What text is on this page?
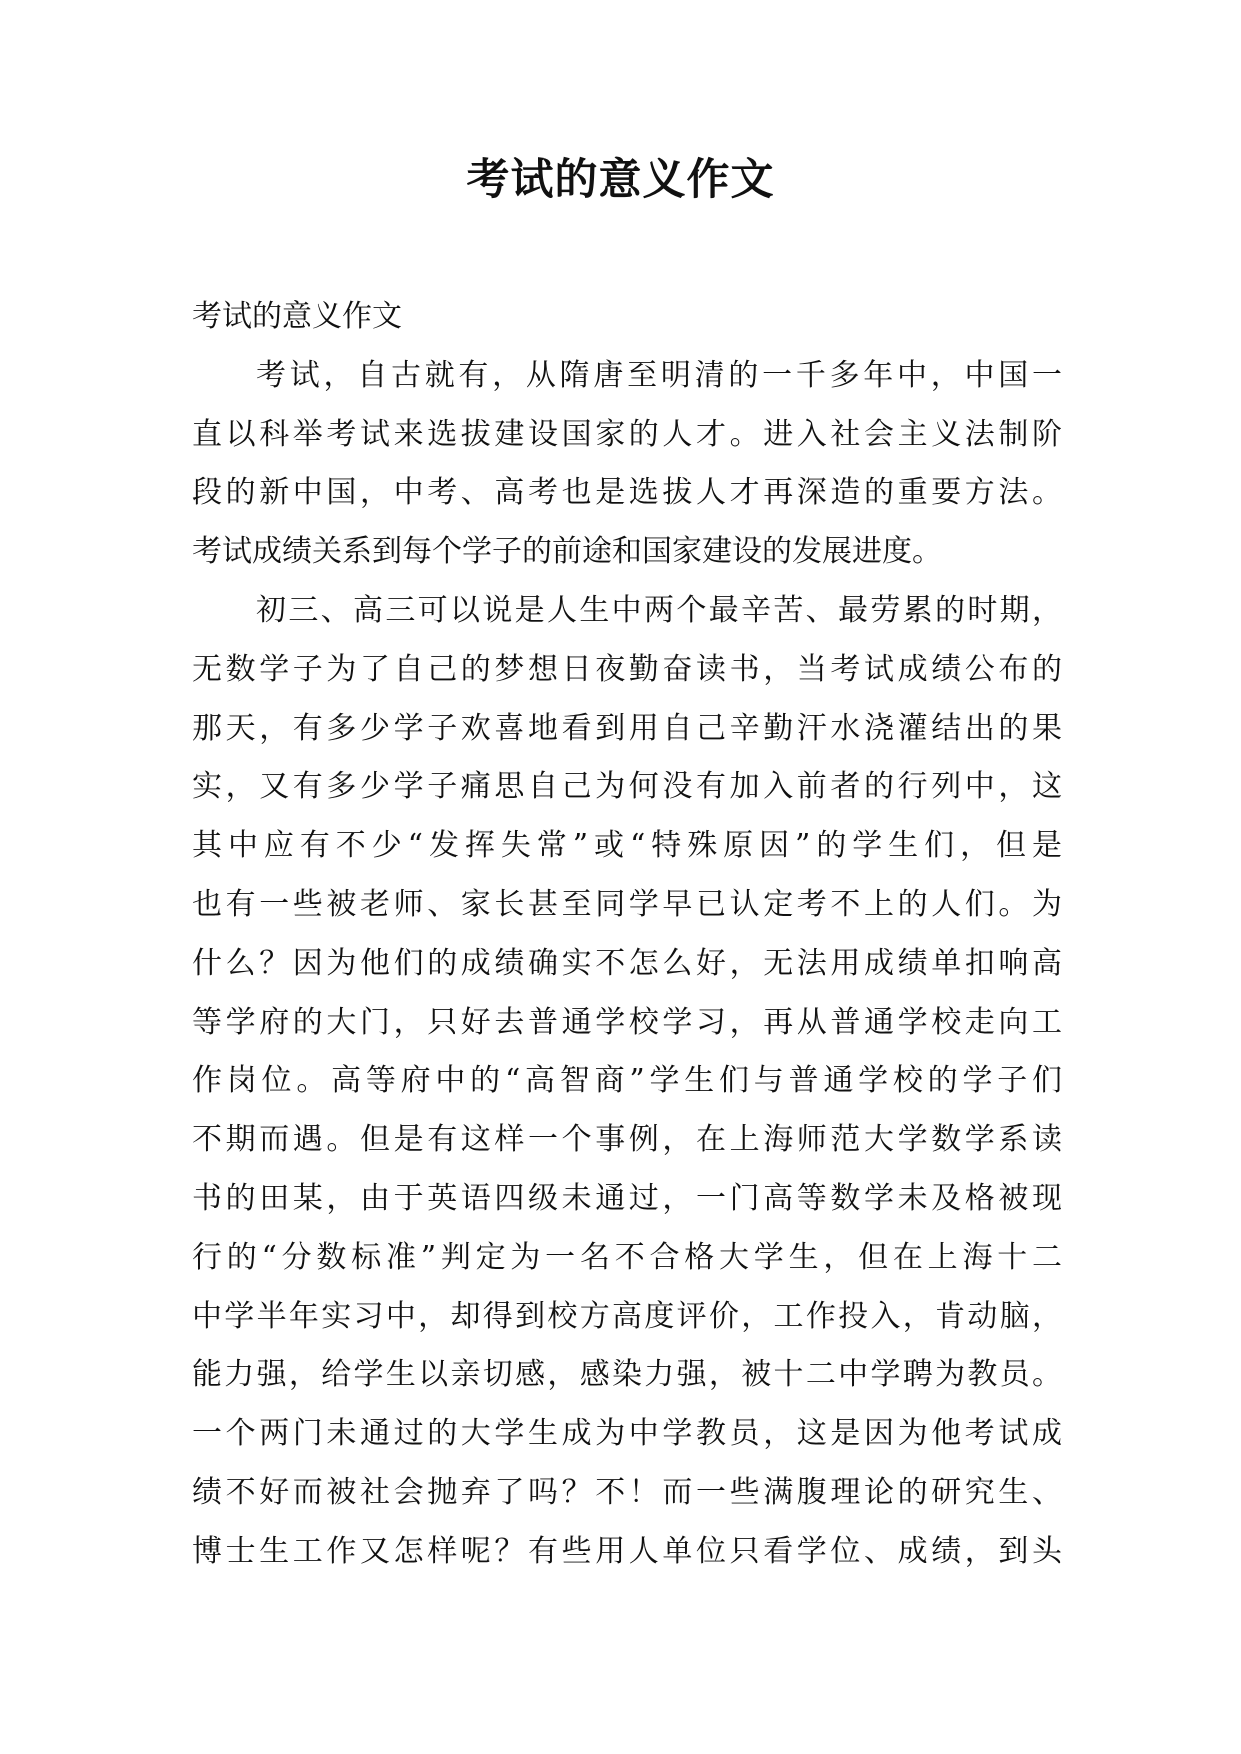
考试的意义作文
考试的意义作文
考试，自古就有，从隋唐至明清的一千多年中，中国一
直以科举考试来选拔建设国家的人才。进入社会主义法制阶
段的新中国，中考、高考也是选拔人才再深造的重要方法。
考试成绩关系到每个学子的前途和国家建设的发展进度。
初三、高三可以说是人生中两个最辛苦、最劳累的时期，
无数学子为了自己的梦想日夜勤奋读书，当考试成绩公布的
那天，有多少学子欢喜地看到用自己辛勤汗水浇灌结出的果
实，又有多少学子痛思自己为何没有加入前者的行列中，这
其中应有不少“发挥失常”或“特殊原因”的学生们，但是
也有一些被老师、家长甚至同学早已认定考不上的人们。为
什么？因为他们的成绩确实不怎么好，无法用成绩单扣响高
等学府的大门，只好去普通学校学习，再从普通学校走向工
作岗位。高等府中的“高智商”学生们与普通学校的学子们
不期而遇。但是有这样一个事例，在上海师范大学数学系读
书的田某，由于英语四级未通过，一门高等数学未及格被现
行的“分数标准”判定为一名不合格大学生，但在上海十二
中学半年实习中，却得到校方高度评价，工作投入，肯动脑，
能力强，给学生以亲切感，感染力强，被十二中学聘为教员。
一个两门未通过的大学生成为中学教员，这是因为他考试成
绩不好而被社会抛弃了吗？不！而一些满腹理论的研究生、
博士生工作又怎样呢？有些用人单位只看学位、成绩，到头
